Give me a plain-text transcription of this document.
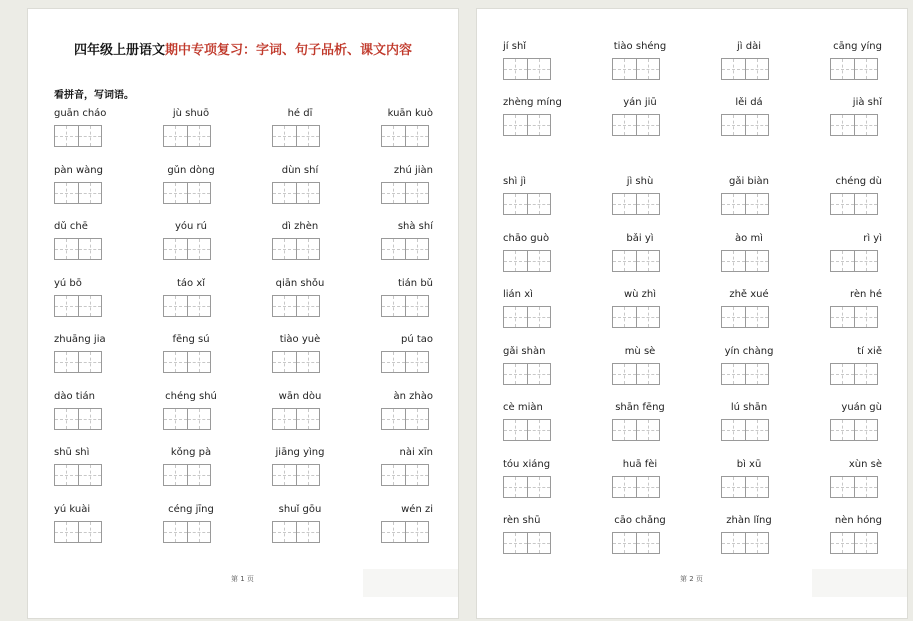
四年级上册语文期中专项复习：字词、句子品析、课文内容
看拼音，写词语。
guān cháo	jù shuō	hé dī	kuān kuò
pàn wàng	gǔn dòng	dùn shí	zhú jiàn
dǔ chē	yóu rú	dì zhèn	shà shí
yú bō	táo xǐ	qiān shǒu	tián bǔ
zhuāng jia	fēng sú	tiào yuè	pú tao
dào tián	chéng shú	wān dòu	àn zhào
shū shì	kǒng pà	jiāng yìng	nài xīn
yú kuài	céng jīng	shuǐ gōu	wén zi
第 1 页
jí shǐ	tiào shéng	jì dài	cāng yíng
zhèng míng	yán jiū	lěi dá	jià shǐ
shì jì	jì shù	gǎi biàn	chéng dù
chāo guò	bǎi yì	ào mì	rì yì
lián xì	wù zhì	zhě xué	rèn hé
gǎi shàn	mù sè	yín chàng	tí xiě
cè miàn	shān fēng	lú shān	yuán gù
tóu xiáng	huā fèi	bì xū	xùn sè
rèn shū	cāo chǎng	zhàn lǐng	nèn hóng
第 2 页
